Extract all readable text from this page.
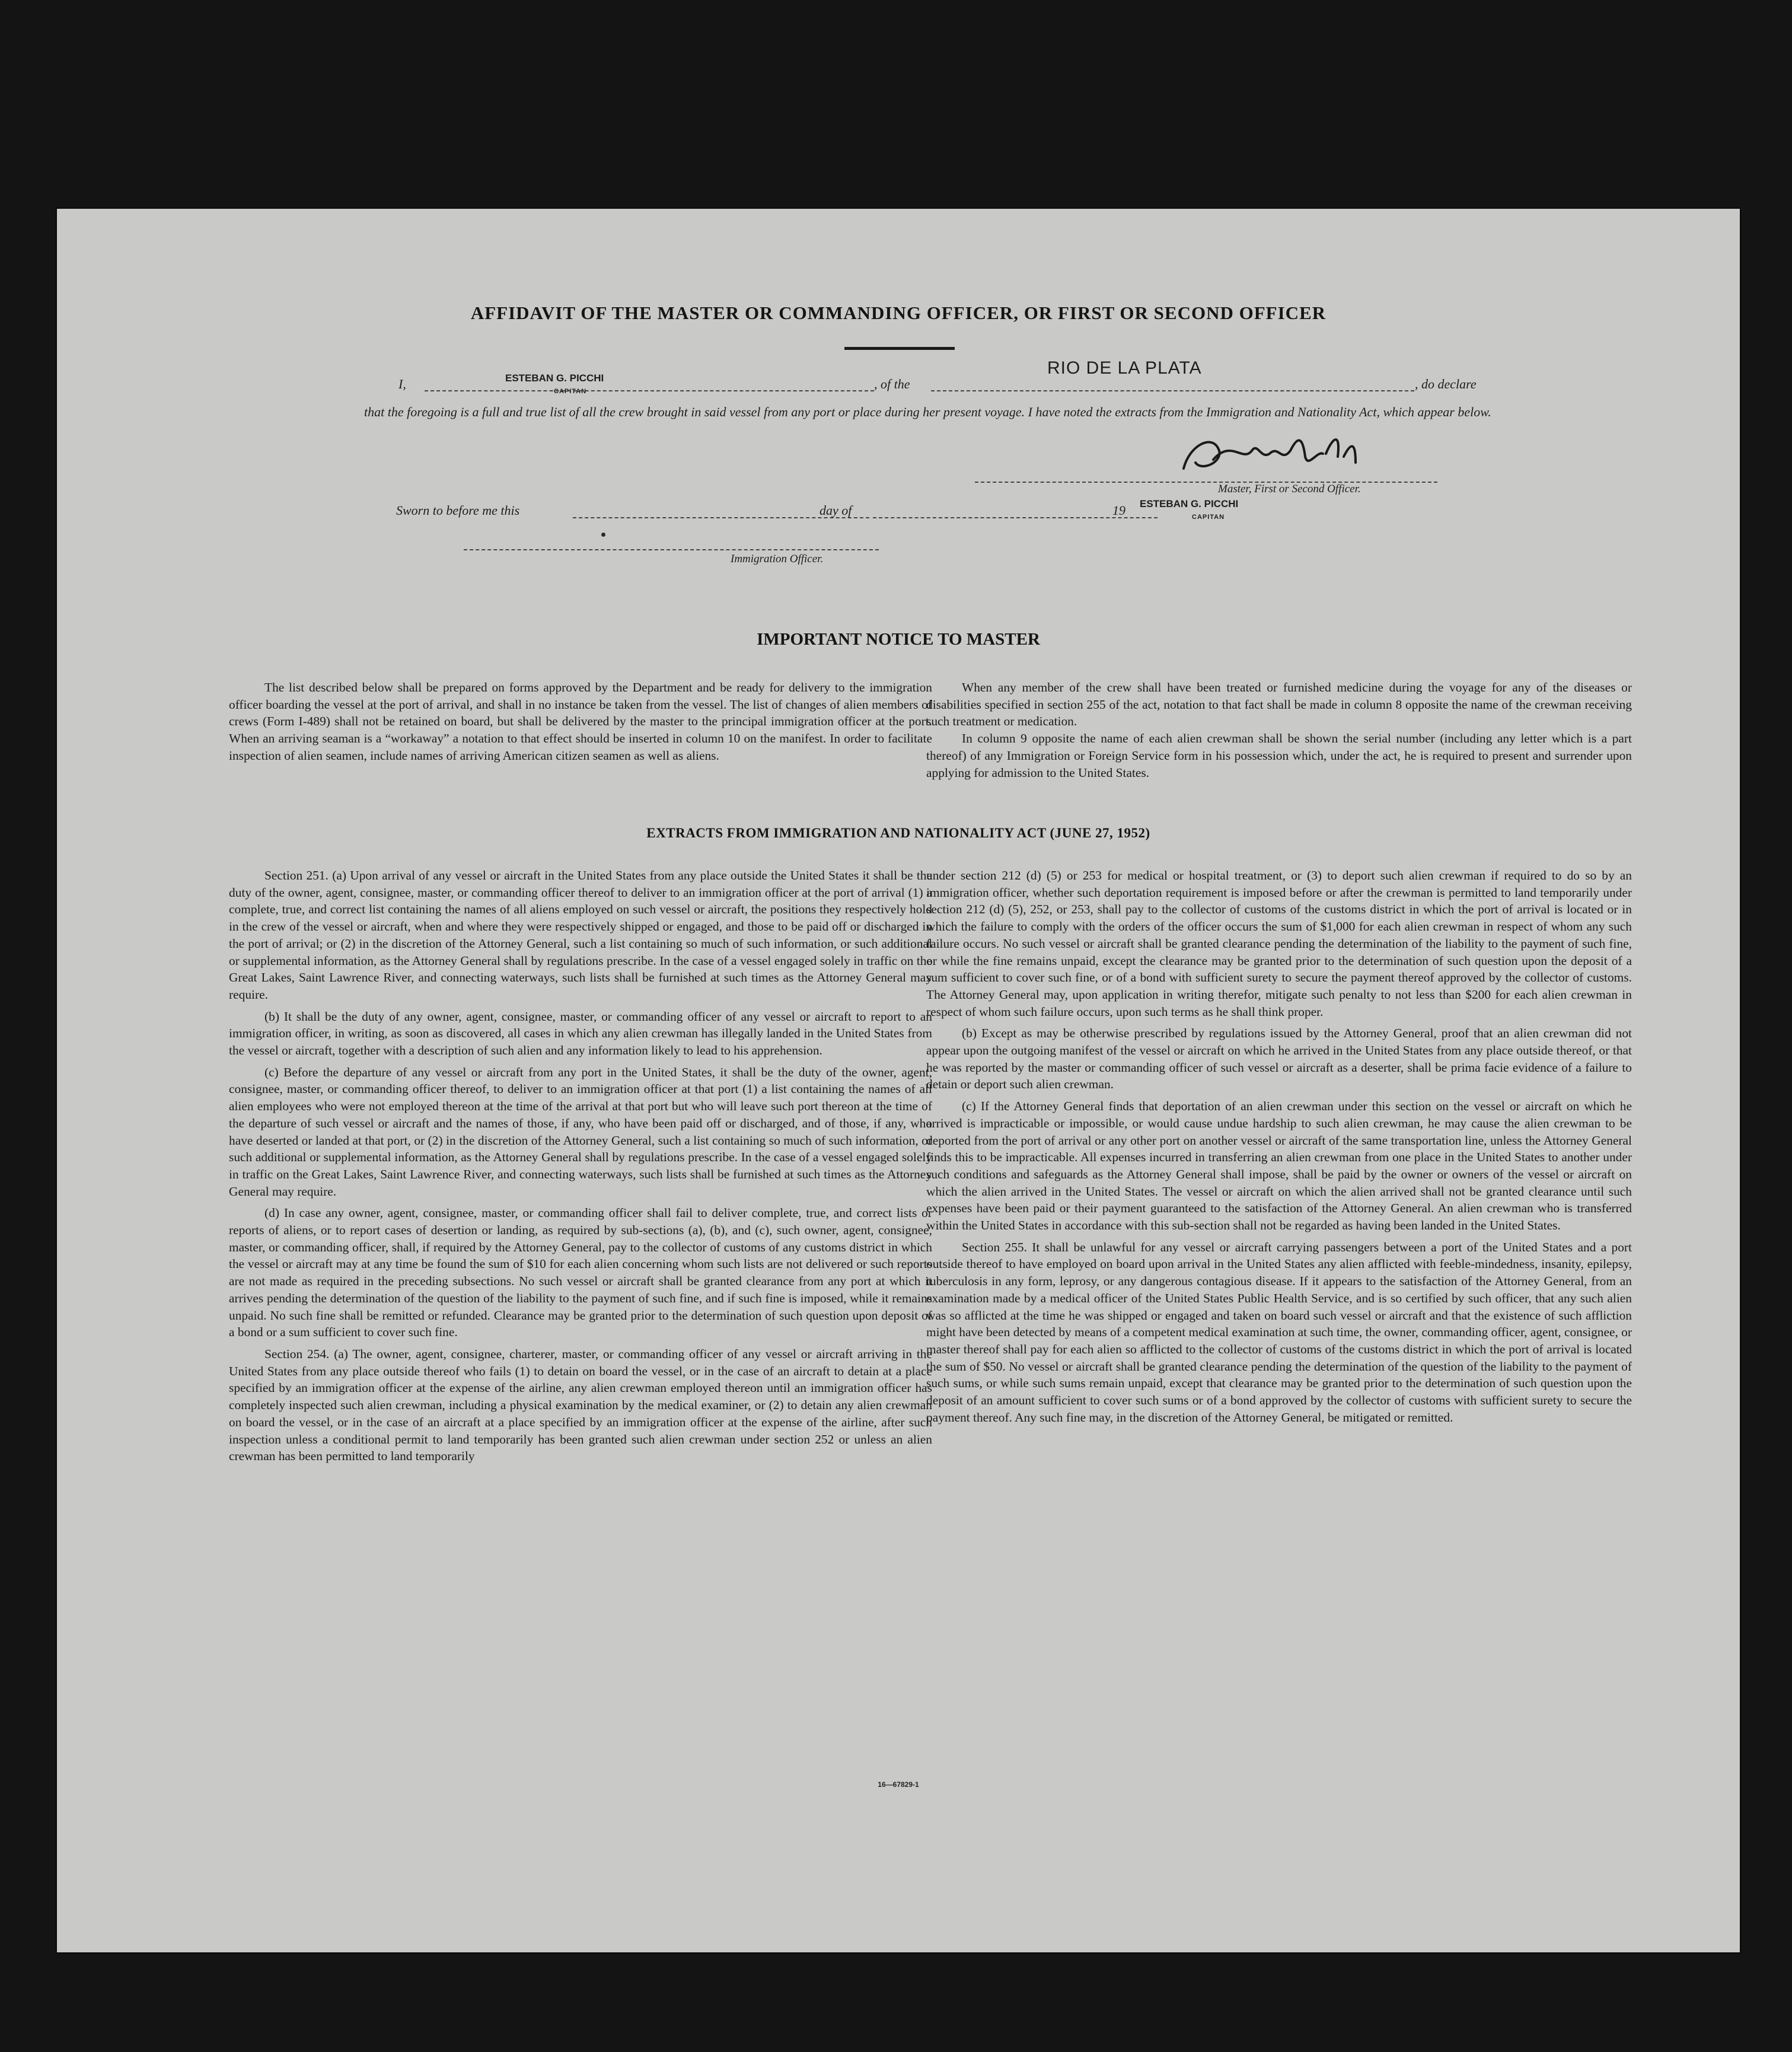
AFFIDAVIT OF THE MASTER OR COMMANDING OFFICER, OR FIRST OR SECOND OFFICER
I,	ESTEBAN G. PICCHI
CAPITAN	, of the
RIO DE LA PLATA
, do declare
that the foregoing is a full and true list of all the crew brought in said vessel from any port or place during her present voyage. I have noted the extracts from the Immigration and Nationality Act, which appear below.
Master, First or Second Officer.
Sworn to before me this	day of	19 ESTEBAN G. PICCHI
CAPITAN
Immigration Officer.
IMPORTANT NOTICE TO MASTER

The list described below shall be prepared on forms approved by the Department and be ready for delivery to the immigration officer boarding the vessel at the port of arrival, and shall in no instance be taken from the vessel. The list of changes of alien members of crews (Form I-489) shall not be retained on board, but shall be delivered by the master to the principal immigration officer at the port. When an arriving seaman is a “workaway” a notation to that effect should be inserted in column 10 on the manifest. In order to facilitate inspection of alien seamen, include names of arriving American citizen seamen as well as aliens.

When any member of the crew shall have been treated or furnished medicine during the voyage for any of the diseases or disabilities specified in section 255 of the act, notation to that fact shall be made in column 8 opposite the name of the crewman receiving such treatment or medication.

In column 9 opposite the name of each alien crewman shall be shown the serial number (including any letter which is a part thereof) of any Immigration or Foreign Service form in his possession which, under the act, he is required to present and surrender upon applying for admission to the United States.

EXTRACTS FROM IMMIGRATION AND NATIONALITY ACT (JUNE 27, 1952)

Section 251. (a) Upon arrival of any vessel or aircraft in the United States from any place outside the United States it shall be the duty of the owner, agent, consignee, master, or commanding officer thereof to deliver to an immigration officer at the port of arrival (1) a complete, true, and correct list containing the names of all aliens employed on such vessel or aircraft, the positions they respectively hold in the crew of the vessel or aircraft, when and where they were respectively shipped or engaged, and those to be paid off or discharged in the port of arrival; or (2) in the discretion of the Attorney General, such a list containing so much of such information, or such additional or supplemental information, as the Attorney General shall by regulations prescribe. In the case of a vessel engaged solely in traffic on the Great Lakes, Saint Lawrence River, and connecting waterways, such lists shall be furnished at such times as the Attorney General may require.

(b) It shall be the duty of any owner, agent, consignee, master, or commanding officer of any vessel or aircraft to report to an immigration officer, in writing, as soon as discovered, all cases in which any alien crewman has illegally landed in the United States from the vessel or aircraft, together with a description of such alien and any information likely to lead to his apprehension.

(c) Before the departure of any vessel or aircraft from any port in the United States, it shall be the duty of the owner, agent, consignee, master, or commanding officer thereof, to deliver to an immigration officer at that port (1) a list containing the names of all alien employees who were not employed thereon at the time of the arrival at that port but who will leave such port thereon at the time of the departure of such vessel or aircraft and the names of those, if any, who have been paid off or discharged, and of those, if any, who have deserted or landed at that port, or (2) in the discretion of the Attorney General, such a list containing so much of such information, or such additional or supplemental information, as the Attorney General shall by regulations prescribe. In the case of a vessel engaged solely in traffic on the Great Lakes, Saint Lawrence River, and connecting waterways, such lists shall be furnished at such times as the Attorney General may require.

(d) In case any owner, agent, consignee, master, or commanding officer shall fail to deliver complete, true, and correct lists or reports of aliens, or to report cases of desertion or landing, as required by sub-sections (a), (b), and (c), such owner, agent, consignee, master, or commanding officer, shall, if required by the Attorney General, pay to the collector of customs of any customs district in which the vessel or aircraft may at any time be found the sum of $10 for each alien concerning whom such lists are not delivered or such reports are not made as required in the preceding subsections. No such vessel or aircraft shall be granted clearance from any port at which it arrives pending the determination of the question of the liability to the payment of such fine, and if such fine is imposed, while it remains unpaid. No such fine shall be remitted or refunded. Clearance may be granted prior to the determination of such question upon deposit of a bond or a sum sufficient to cover such fine.

Section 254. (a) The owner, agent, consignee, charterer, master, or commanding officer of any vessel or aircraft arriving in the United States from any place outside thereof who fails (1) to detain on board the vessel, or in the case of an aircraft to detain at a place specified by an immigration officer at the expense of the airline, any alien crewman employed thereon until an immigration officer has completely inspected such alien crewman, including a physical examination by the medical examiner, or (2) to detain any alien crewman on board the vessel, or in the case of an aircraft at a place specified by an immigration officer at the expense of the airline, after such inspection unless a conditional permit to land temporarily has been granted such alien crewman under section 252 or unless an alien crewman has been permitted to land temporarily

under section 212 (d) (5) or 253 for medical or hospital treatment, or (3) to deport such alien crewman if required to do so by an immigration officer, whether such deportation requirement is imposed before or after the crewman is permitted to land temporarily under section 212 (d) (5), 252, or 253, shall pay to the collector of customs of the customs district in which the port of arrival is located or in which the failure to comply with the orders of the officer occurs the sum of $1,000 for each alien crewman in respect of whom any such failure occurs. No such vessel or aircraft shall be granted clearance pending the determination of the liability to the payment of such fine, or while the fine remains unpaid, except the clearance may be granted prior to the determination of such question upon the deposit of a sum sufficient to cover such fine, or of a bond with sufficient surety to secure the payment thereof approved by the collector of customs. The Attorney General may, upon application in writing therefor, mitigate such penalty to not less than $200 for each alien crewman in respect of whom such failure occurs, upon such terms as he shall think proper.

(b) Except as may be otherwise prescribed by regulations issued by the Attorney General, proof that an alien crewman did not appear upon the outgoing manifest of the vessel or aircraft on which he arrived in the United States from any place outside thereof, or that he was reported by the master or commanding officer of such vessel or aircraft as a deserter, shall be prima facie evidence of a failure to detain or deport such alien crewman.

(c) If the Attorney General finds that deportation of an alien crewman under this section on the vessel or aircraft on which he arrived is impracticable or impossible, or would cause undue hardship to such alien crewman, he may cause the alien crewman to be deported from the port of arrival or any other port on another vessel or aircraft of the same transportation line, unless the Attorney General finds this to be impracticable. All expenses incurred in transferring an alien crewman from one place in the United States to another under such conditions and safeguards as the Attorney General shall impose, shall be paid by the owner or owners of the vessel or aircraft on which the alien arrived in the United States. The vessel or aircraft on which the alien arrived shall not be granted clearance until such expenses have been paid or their payment guaranteed to the satisfaction of the Attorney General. An alien crewman who is transferred within the United States in accordance with this sub-section shall not be regarded as having been landed in the United States.

Section 255. It shall be unlawful for any vessel or aircraft carrying passengers between a port of the United States and a port outside thereof to have employed on board upon arrival in the United States any alien afflicted with feeble-mindedness, insanity, epilepsy, tuberculosis in any form, leprosy, or any dangerous contagious disease. If it appears to the satisfaction of the Attorney General, from an examination made by a medical officer of the United States Public Health Service, and is so certified by such officer, that any such alien was so afflicted at the time he was shipped or engaged and taken on board such vessel or aircraft and that the existence of such affliction might have been detected by means of a competent medical examination at such time, the owner, commanding officer, agent, consignee, or master thereof shall pay for each alien so afflicted to the collector of customs of the customs district in which the port of arrival is located the sum of $50. No vessel or aircraft shall be granted clearance pending the determination of the question of the liability to the payment of such sums, or while such sums remain unpaid, except that clearance may be granted prior to the determination of such question upon the deposit of an amount sufficient to cover such sums or of a bond approved by the collector of customs with sufficient surety to secure the payment thereof. Any such fine may, in the discretion of the Attorney General, be mitigated or remitted.

16—67829-1
